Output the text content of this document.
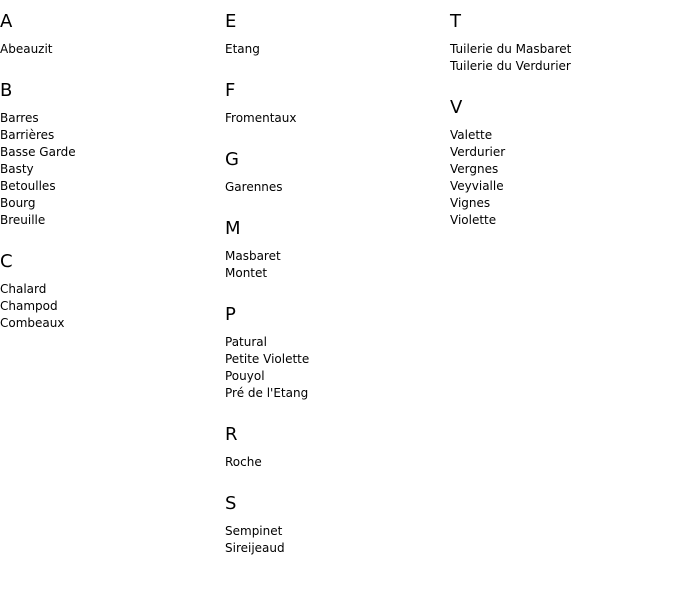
A
Abeauzit
B
Barres
Barrières
Basse Garde
Basty
Betoulles
Bourg
Breuille
C
Chalard
Champod
Combeaux
E
Etang
F
Fromentaux
G
Garennes
M
Masbaret
Montet
P
Patural
Petite Violette
Pouyol
Pré de l'Etang
R
Roche
S
Sempinet
Sireijeaud
T
Tuilerie du Masbaret
Tuilerie du Verdurier
V
Valette
Verdurier
Vergnes
Veyvialle
Vignes
Violette
